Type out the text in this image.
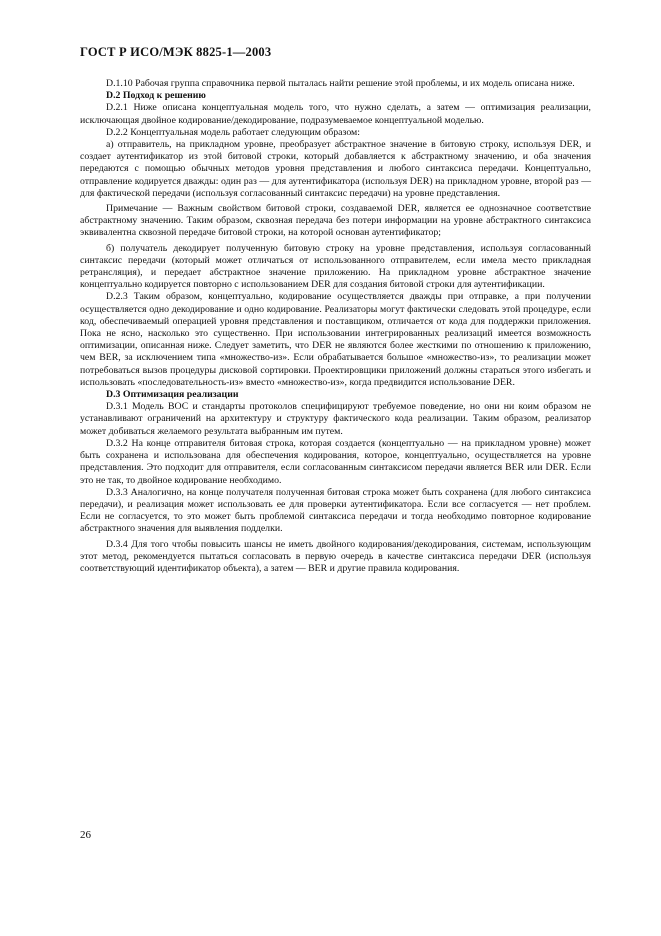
ГОСТ Р ИСО/МЭК 8825-1—2003

D.1.10 Рабочая группа справочника первой пыталась найти решение этой проблемы, и их модель описана ниже.

D.2 Подход к решению

D.2.1 Ниже описана концептуальная модель того, что нужно сделать, а затем — оптимизация реализации, исключающая двойное кодирование/декодирование, подразумеваемое концептуальной моделью.

D.2.2 Концептуальная модель работает следующим образом:

а) отправитель, на прикладном уровне, преобразует абстрактное значение в битовую строку, используя DER, и создает аутентификатор из этой битовой строки, который добавляется к абстрактному значению, и оба значения передаются с помощью обычных методов уровня представления и любого синтаксиса передачи. Концептуально, отправление кодируется дважды: один раз — для аутентификатора (используя DER) на прикладном уровне, второй раз — для фактической передачи (используя согласованный синтаксис передачи) на уровне представления.

Примечание — Важным свойством битовой строки, создаваемой DER, является ее однозначное соответствие абстрактному значению. Таким образом, сквозная передача без потери информации на уровне абстрактного синтаксиса эквивалентна сквозной передаче битовой строки, на которой основан аутентификатор;

б) получатель декодирует полученную битовую строку на уровне представления, используя согласованный синтаксис передачи (который может отличаться от использованного отправителем, если имела место прикладная ретрансляция), и передает абстрактное значение приложению. На прикладном уровне абстрактное значение концептуально кодируется повторно с использованием DER для создания битовой строки для аутентификации.

D.2.3 Таким образом, концептуально, кодирование осуществляется дважды при отправке, а при получении осуществляется одно декодирование и одно кодирование. Реализаторы могут фактически следовать этой процедуре, если код, обеспечиваемый операцией уровня представления и поставщиком, отличается от кода для поддержки приложения. Пока не ясно, насколько это существенно. При использовании интегрированных реализаций имеется возможность оптимизации, описанная ниже. Следует заметить, что DER не являются более жесткими по отношению к приложению, чем BER, за исключением типа «множество-из». Если обрабатывается большое «множество-из», то реализации может потребоваться вызов процедуры дисковой сортировки. Проектировщики приложений должны стараться этого избегать и использовать «последовательность-из» вместо «множество-из», когда предвидится использование DER.

D.3 Оптимизация реализации

D.3.1 Модель ВОС и стандарты протоколов специфицируют требуемое поведение, но они ни коим образом не устанавливают ограничений на архитектуру и структуру фактического кода реализации. Таким образом, реализатор может добиваться желаемого результата выбранным им путем.

D.3.2 На конце отправителя битовая строка, которая создается (концептуально — на прикладном уровне) может быть сохранена и использована для обеспечения кодирования, которое, концептуально, осуществляется на уровне представления. Это подходит для отправителя, если согласованным синтаксисом передачи является BER или DER. Если это не так, то двойное кодирование необходимо.

D.3.3 Аналогично, на конце получателя полученная битовая строка может быть сохранена (для любого синтаксиса передачи), и реализация может использовать ее для проверки аутентификатора. Если все согласуется — нет проблем. Если не согласуется, то это может быть проблемой синтаксиса передачи и тогда необходимо повторное кодирование абстрактного значения для выявления подделки.

D.3.4 Для того чтобы повысить шансы не иметь двойного кодирования/декодирования, системам, использующим этот метод, рекомендуется пытаться согласовать в первую очередь в качестве синтаксиса передачи DER (используя соответствующий идентификатор объекта), а затем — BER и другие правила кодирования.

26
